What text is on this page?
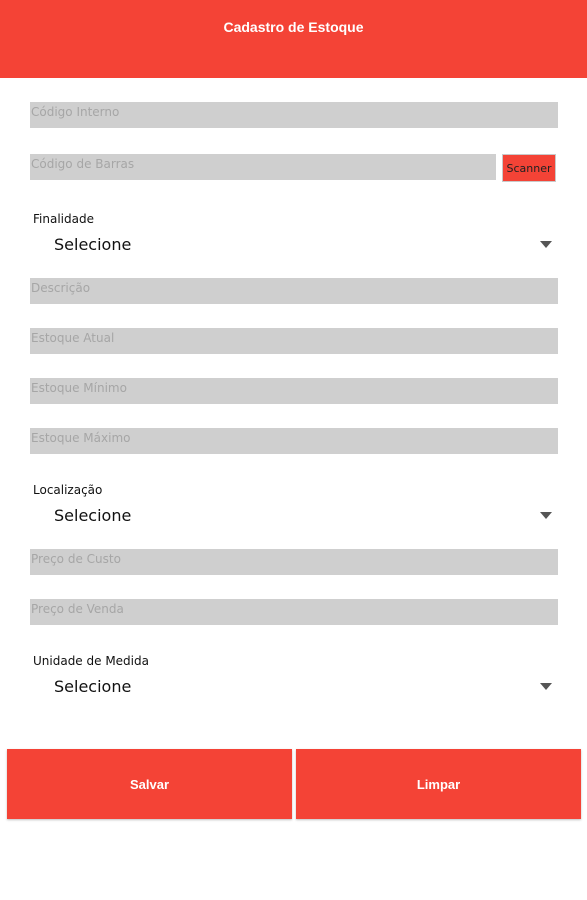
Cadastro de Estoque
Código Interno
Código de Barras	Scanner
Finalidade
Selecione
Descrição
Estoque Atual
Estoque Mínimo
Estoque Máximo
Localização
Selecione
Preço de Custo
Preço de Venda
Unidade de Medida
Selecione
Salvar	Limpar
